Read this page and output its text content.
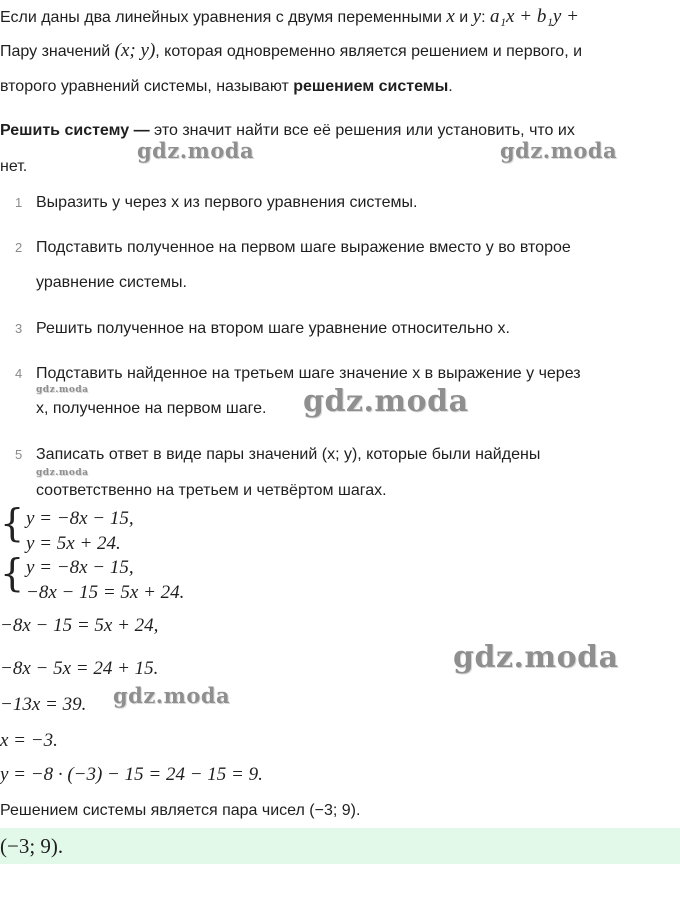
Если даны два линейных уравнения с двумя переменными x и y: a₁x + b₁y +
Пару значений (x; y), которая одновременно является решением и первого, и
второго уравнений системы, называют решением системы.
Решить систему — это значит найти все её решения или установить, что их
нет.
1 Выразить y через x из первого уравнения системы.
2 Подставить полученное на первом шаге выражение вместо y во второе
уравнение системы.
3 Решить полученное на втором шаге уравнение относительно x.
4 Подставить найденное на третьем шаге значение x в выражение y через
x, полученное на первом шаге.
5 Записать ответ в виде пары значений (x; y), которые были найдены
соответственно на третьем и четвёртом шагах.
{ y = −8x − 15,
y = 5x + 24.
{ y = −8x − 15,
−8x − 15 = 5x + 24.
−8x − 15 = 5x + 24,
−8x − 5x = 24 + 15.
−13x = 39.
x = −3.
y = −8 · (−3) − 15 = 24 − 15 = 9.
Решением системы является пара чисел (−3; 9).
(−3; 9).
gdz.moda	gdz.moda
gdz.moda	gdz.moda
gdz.moda
gdz.moda
gdz.moda
